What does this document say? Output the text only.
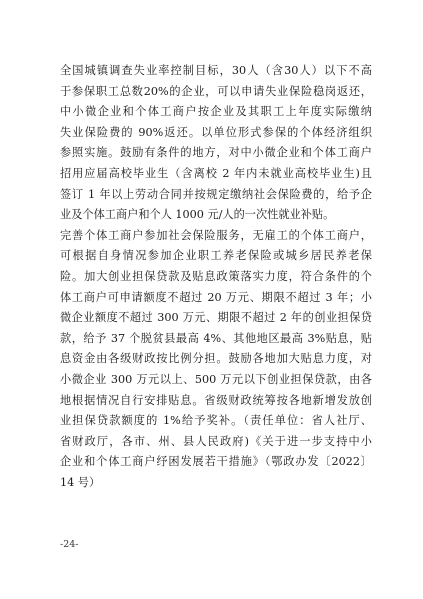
全国城镇调查失业率控制目标，30人（含30人）以下不高
于参保职工总数20%的企业，可以申请失业保险稳岗返还，
中小微企业和个体工商户按企业及其职工上年度实际缴纳
失业保险费的 90%返还。以单位形式参保的个体经济组织
参照实施。鼓励有条件的地方，对中小微企业和个体工商户
招用应届高校毕业生（含离校 2 年内未就业高校毕业生)且
签订 1 年以上劳动合同并按规定缴纳社会保险费的，给予企
业及个体工商户和个人 1000 元/人的一次性就业补贴。
完善个体工商户参加社会保险服务，无雇工的个体工商户，
可根据自身情况参加企业职工养老保险或城乡居民养老保
险。加大创业担保贷款及贴息政策落实力度，符合条件的个
体工商户可申请额度不超过 20 万元、期限不超过 3 年；小
微企业额度不超过 300 万元、期限不超过 2 年的创业担保贷
款，给予 37 个脱贫县最高 4%、其他地区最高 3%贴息，贴
息资金由各级财政按比例分担。鼓励各地加大贴息力度，对
小微企业 300 万元以上、500 万元以下创业担保贷款，由各
地根据情况自行安排贴息。省级财政统筹按各地新增发放创
业担保贷款额度的 1%给予奖补。（责任单位：省人社厅、
省财政厅，各市、州、县人民政府)《关于进一步支持中小
企业和个体工商户纾困发展若干措施》（鄂政办发〔2022〕
14 号）
-24-
